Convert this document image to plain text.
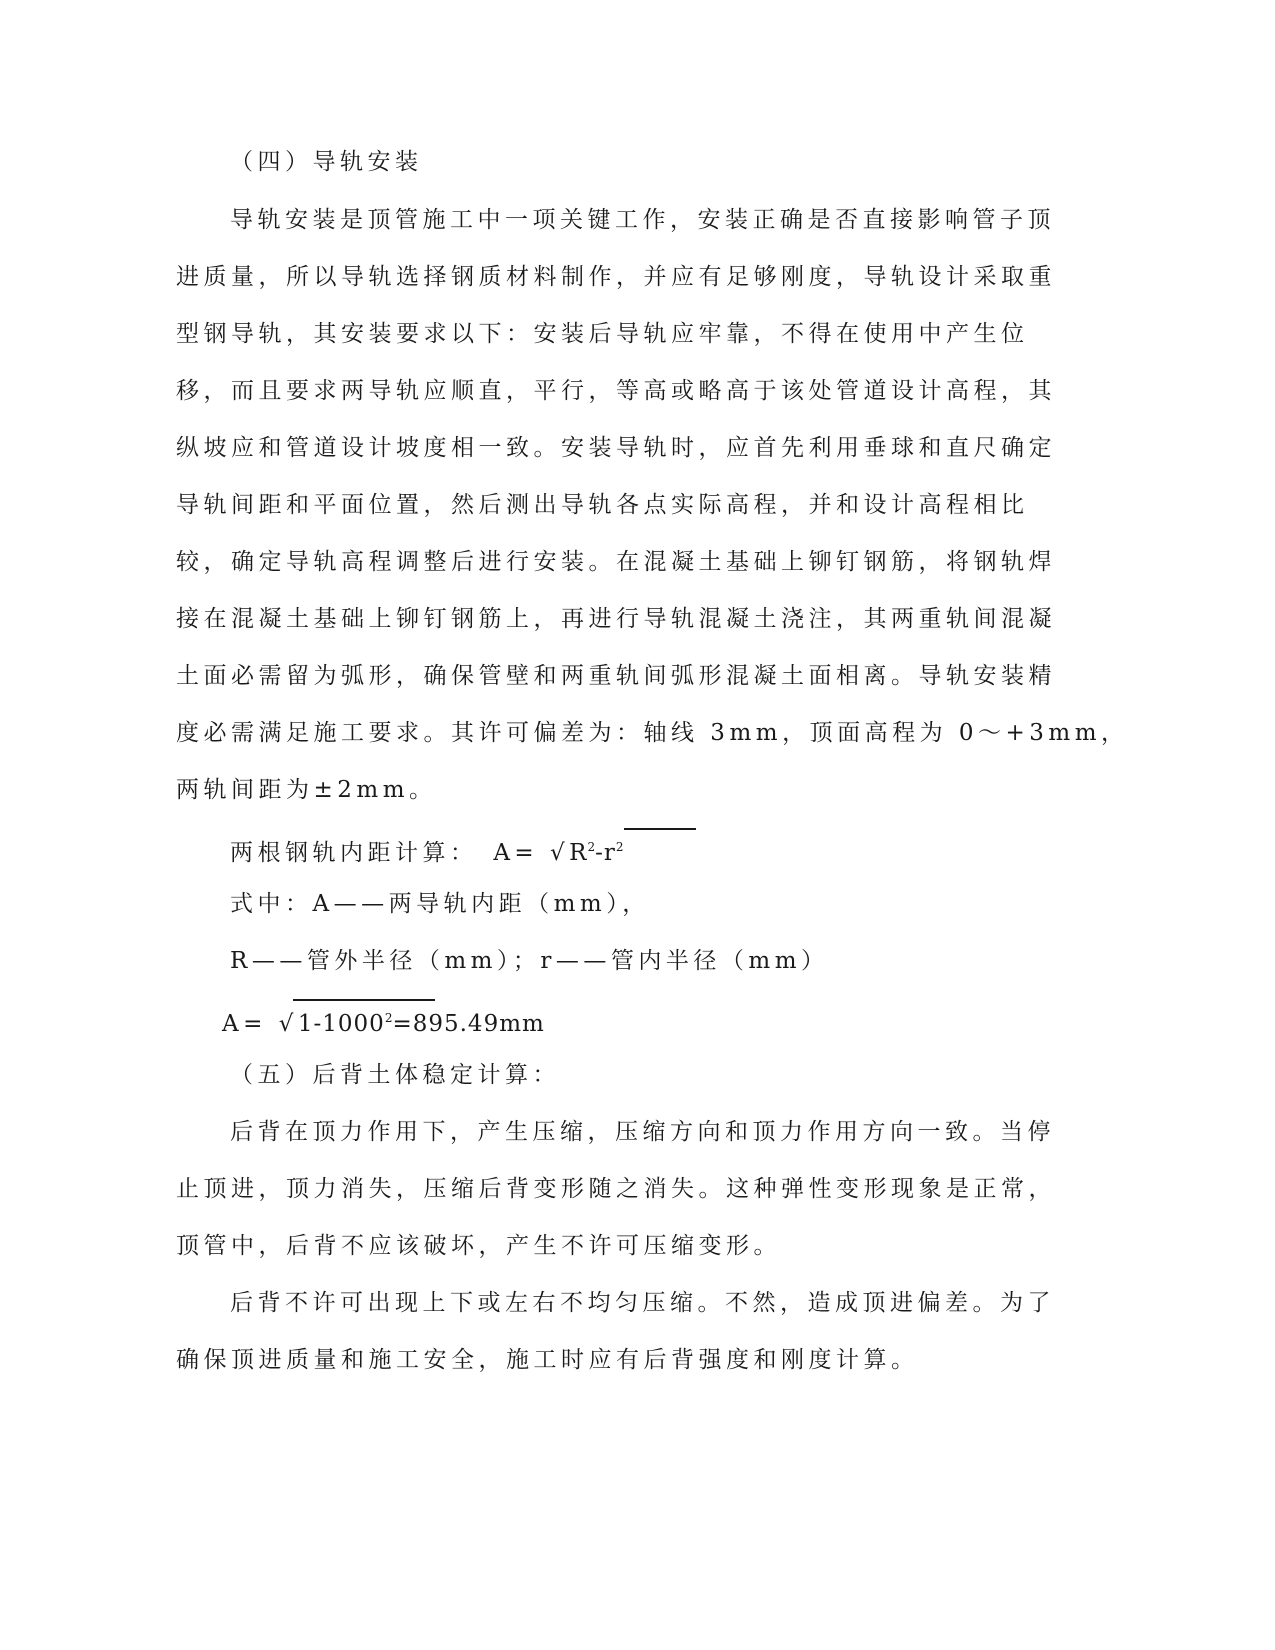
（四）导轨安装
导轨安装是顶管施工中一项关键工作，安装正确是否直接影响管子顶
进质量，所以导轨选择钢质材料制作，并应有足够刚度，导轨设计采取重
型钢导轨，其安装要求以下：安装后导轨应牢靠，不得在使用中产生位
移，而且要求两导轨应顺直，平行，等高或略高于该处管道设计高程，其
纵坡应和管道设计坡度相一致。安装导轨时，应首先利用垂球和直尺确定
导轨间距和平面位置，然后测出导轨各点实际高程，并和设计高程相比
较，确定导轨高程调整后进行安装。在混凝土基础上铆钉钢筋，将钢轨焊
接在混凝土基础上铆钉钢筋上，再进行导轨混凝土浇注，其两重轨间混凝
土面必需留为弧形，确保管壁和两重轨间弧形混凝土面相离。导轨安装精
度必需满足施工要求。其许可偏差为：轴线 3mm，顶面高程为 0～+3mm，
两轨间距为±2mm。
两根钢轨内距计算： $A= √R^2-r^2$
式中：A——两导轨内距（mm），
R——管外半径（mm）；r——管内半径（mm）
$A= √1-1000^2$
=895.49mm
（五）后背土体稳定计算：
后背在顶力作用下，产生压缩，压缩方向和顶力作用方向一致。当停
止顶进，顶力消失，压缩后背变形随之消失。这种弹性变形现象是正常，
顶管中，后背不应该破坏，产生不许可压缩变形。
后背不许可出现上下或左右不均匀压缩。不然，造成顶进偏差。为了
确保顶进质量和施工安全，施工时应有后背强度和刚度计算。
